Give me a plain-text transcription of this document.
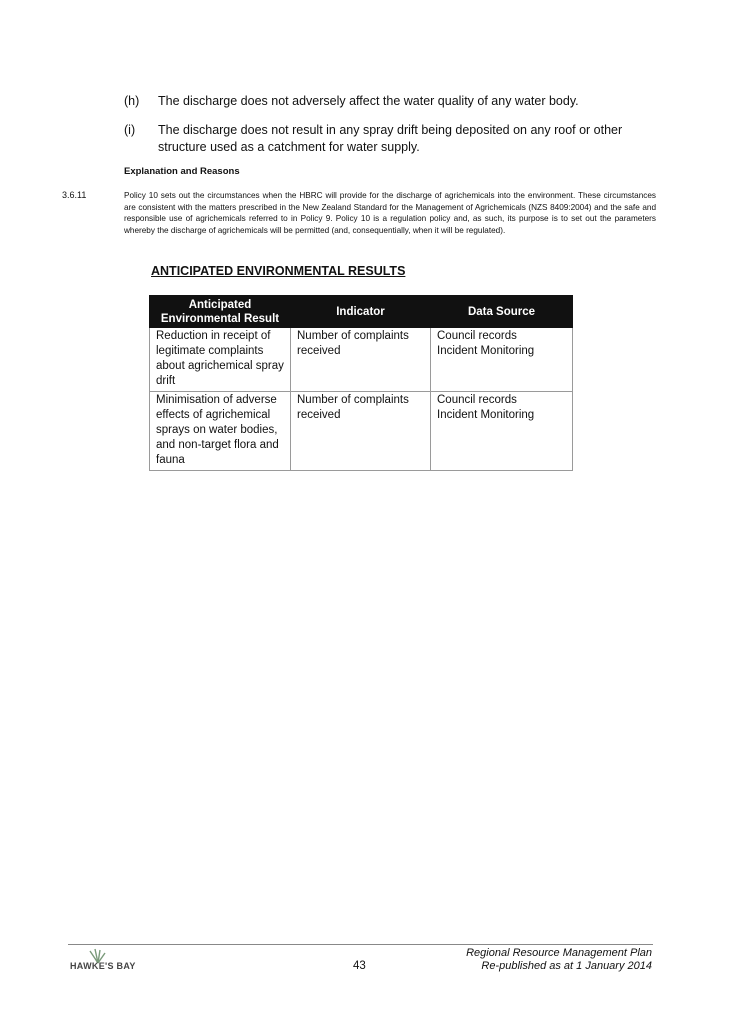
(h) The discharge does not adversely affect the water quality of any water body.
(i) The discharge does not result in any spray drift being deposited on any roof or other structure used as a catchment for water supply.
Explanation and Reasons
3.6.11	Policy 10 sets out the circumstances when the HBRC will provide for the discharge of agrichemicals into the environment. These circumstances are consistent with the matters prescribed in the New Zealand Standard for the Management of Agrichemicals (NZS 8409:2004) and the safe and responsible use of agrichemicals referred to in Policy 9. Policy 10 is a regulation policy and, as such, its purpose is to set out the parameters whereby the discharge of agrichemicals will be permitted (and, consequentially, when it will be regulated).
ANTICIPATED ENVIRONMENTAL RESULTS
Anticipated
Environmental Result	Indicator	Data Source
Reduction in receipt of legitimate complaints about agrichemical spray drift	Number of complaints received	Council records
Incident Monitoring
Minimisation of adverse effects of agrichemical sprays on water bodies, and non-target flora and fauna	Number of complaints received	Council records
Incident Monitoring
HAWKE'S BAY	43
Regional Resource Management Plan
Re-published as at 1 January 2014
